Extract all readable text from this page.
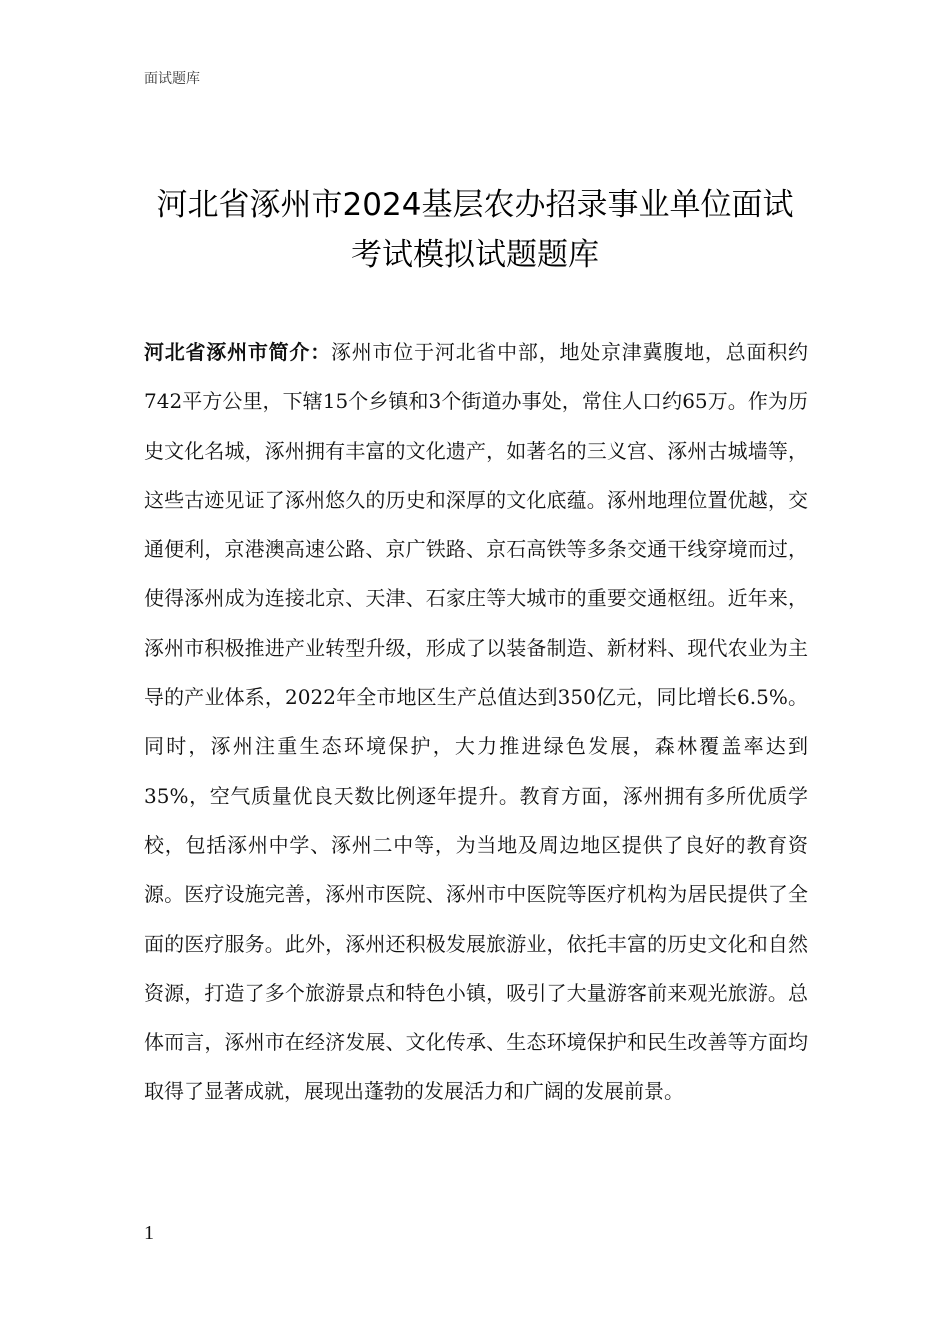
面试题库
河北省涿州市2024基层农办招录事业单位面试
考试模拟试题题库

河北省涿州市简介：涿州市位于河北省中部，地处京津冀腹地，总面积约742平方公里，下辖15个乡镇和3个街道办事处，常住人口约65万。作为历史文化名城，涿州拥有丰富的文化遗产，如著名的三义宫、涿州古城墙等，这些古迹见证了涿州悠久的历史和深厚的文化底蕴。涿州地理位置优越，交通便利，京港澳高速公路、京广铁路、京石高铁等多条交通干线穿境而过，使得涿州成为连接北京、天津、石家庄等大城市的重要交通枢纽。近年来，涿州市积极推进产业转型升级，形成了以装备制造、新材料、现代农业为主导的产业体系，2022年全市地区生产总值达到350亿元，同比增长6.5%。同时，涿州注重生态环境保护，大力推进绿色发展，森林覆盖率达到35%，空气质量优良天数比例逐年提升。教育方面，涿州拥有多所优质学校，包括涿州中学、涿州二中等，为当地及周边地区提供了良好的教育资源。医疗设施完善，涿州市医院、涿州市中医院等医疗机构为居民提供了全面的医疗服务。此外，涿州还积极发展旅游业，依托丰富的历史文化和自然资源，打造了多个旅游景点和特色小镇，吸引了大量游客前来观光旅游。总体而言，涿州市在经济发展、文化传承、生态环境保护和民生改善等方面均取得了显著成就，展现出蓬勃的发展活力和广阔的发展前景。

1
